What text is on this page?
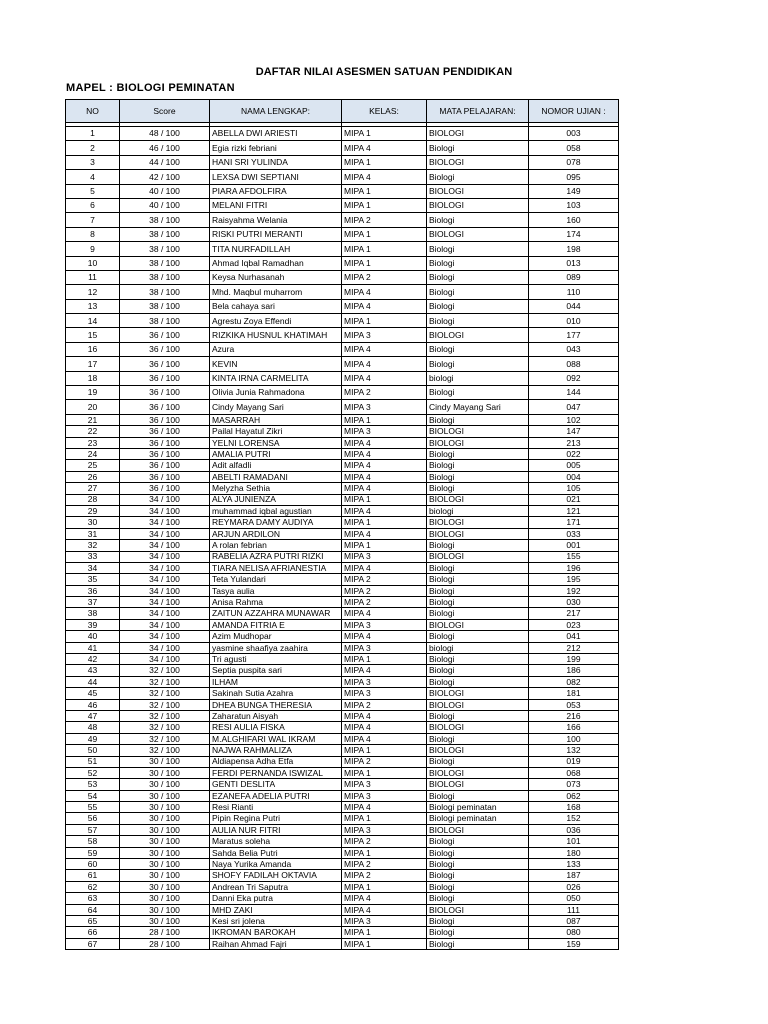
DAFTAR NILAI ASESMEN SATUAN PENDIDIKAN
MAPEL : BIOLOGI PEMINATAN
NO	Score	NAMA LENGKAP:	KELAS:	MATA PELAJARAN:	NOMOR UJIAN :

1	48 / 100	ABELLA DWI ARIESTI	MIPA 1	BIOLOGI	003
2	46 / 100	Egia rizki febriani	MIPA 4	Biologi	058
3	44 / 100	HANI SRI YULINDA	MIPA 1	BIOLOGI	078
4	42 / 100	LEXSA DWI SEPTIANI	MIPA 4	Biologi	095
5	40 / 100	PIARA AFDOLFIRA	MIPA 1	BIOLOGI	149
6	40 / 100	MELANI FITRI	MIPA 1	BIOLOGI	103
7	38 / 100	Raisyahma Welania	MIPA 2	Biologi	160
8	38 / 100	RISKI PUTRI MERANTI	MIPA 1	BIOLOGI	174
9	38 / 100	TITA NURFADILLAH	MIPA 1	Biologi	198
10	38 / 100	Ahmad Iqbal Ramadhan	MIPA 1	Biologi	013
11	38 / 100	Keysa Nurhasanah	MIPA 2	Biologi	089
12	38 / 100	Mhd. Maqbul muharrom	MIPA 4	Biologi	110
13	38 / 100	Bela cahaya sari	MIPA 4	Biologi	044
14	38 / 100	Agrestu Zoya Effendi	MIPA 1	Biologi	010
15	36 / 100	RIZKIKA HUSNUL KHATIMAH	MIPA 3	BIOLOGI	177
16	36 / 100	Azura	MIPA 4	Biologi	043
17	36 / 100	KEVIN	MIPA 4	Biologi	088
18	36 / 100	KINTA IRNA CARMELITA	MIPA 4	biologi	092
19	36 / 100	Olivia Junia Rahmadona	MIPA 2	Biologi	144
20	36 / 100	Cindy Mayang Sari	MIPA 3	Cindy Mayang Sari	047
21	36 / 100	MASARRAH	MIPA 1	Biologi	102
22	36 / 100	Pailal Hayatul Zikri	MIPA 3	BIOLOGI	147
23	36 / 100	YELNI LORENSA	MIPA 4	BIOLOGI	213
24	36 / 100	AMALIA PUTRI	MIPA 4	Biologi	022
25	36 / 100	Adit alfadli	MIPA 4	Biologi	005
26	36 / 100	ABELTI RAMADANI	MIPA 4	Biologi	004
27	36 / 100	Melyzha Sethia	MIPA 4	Biologi	105
28	34 / 100	ALYA JUNIENZA	MIPA 1	BIOLOGI	021
29	34 / 100	muhammad iqbal agustian	MIPA 4	biologi	121
30	34 / 100	REYMARA DAMY AUDIYA	MIPA 1	BIOLOGI	171
31	34 / 100	ARJUN ARDILON	MIPA 4	BIOLOGI	033
32	34 / 100	A rolan febrian	MIPA 1	Biologi	001
33	34 / 100	RABELIA AZRA PUTRI RIZKI	MIPA 3	BIOLOGI	155
34	34 / 100	TIARA NELISA AFRIANESTIA	MIPA 4	Biologi	196
35	34 / 100	Teta Yulandari	MIPA 2	Biologi	195
36	34 / 100	Tasya aulia	MIPA 2	Biologi	192
37	34 / 100	Anisa Rahma	MIPA 2	Biologi	030
38	34 / 100	ZAITUN AZZAHRA MUNAWAR	MIPA 4	Biologi	217
39	34 / 100	AMANDA FITRIA E	MIPA 3	BIOLOGI	023
40	34 / 100	Azim Mudhopar	MIPA 4	Biologi	041
41	34 / 100	yasmine shaafiya zaahira	MIPA 3	biologi	212
42	34 / 100	Tri agusti	MIPA 1	Biologi	199
43	32 / 100	Septia puspita sari	MIPA 4	Biologi	186
44	32 / 100	ILHAM	MIPA 3	Biologi	082
45	32 / 100	Sakinah Sutia Azahra	MIPA 3	BIOLOGI	181
46	32 / 100	DHEA BUNGA THERESIA	MIPA 2	BIOLOGI	053
47	32 / 100	Zaharatun Aisyah	MIPA 4	Biologi	216
48	32 / 100	RESI AULIA FISKA	MIPA 4	BIOLOGI	166
49	32 / 100	M.ALGHIFARI WAL IKRAM	MIPA 4	Biologi	100
50	32 / 100	NAJWA RAHMALIZA	MIPA 1	BIOLOGI	132
51	30 / 100	Aldiapensa Adha Etfa	MIPA 2	Biologi	019
52	30 / 100	FERDI PERNANDA ISWIZAL	MIPA 1	BIOLOGI	068
53	30 / 100	GENTI DESLITA	MIPA 3	BIOLOGI	073
54	30 / 100	EZANEFA ADELIA PUTRI	MIPA 3	Biologi	062
55	30 / 100	Resi Rianti	MIPA 4	Biologi peminatan	168
56	30 / 100	Pipin Regina Putri	MIPA 1	Biologi peminatan	152
57	30 / 100	AULIA NUR FITRI	MIPA 3	BIOLOGI	036
58	30 / 100	Maratus soleha	MIPA 2	Biologi	101
59	30 / 100	Sahda Belia Putri	MIPA 1	Biologi	180
60	30 / 100	Naya Yurika Amanda	MIPA 2	Biologi	133
61	30 / 100	SHOFY FADILAH OKTAVIA	MIPA 2	Biologi	187
62	30 / 100	Andrean Tri Saputra	MIPA 1	Biologi	026
63	30 / 100	Danni Eka putra	MIPA 4	Biologi	050
64	30 / 100	MHD ZAKI	MIPA 4	BIOLOGI	111
65	30 / 100	Kesi sri jolena	MIPA 3	Biologi	087
66	28 / 100	IKROMAN BAROKAH	MIPA 1	Biologi	080
67	28 / 100	Raihan Ahmad Fajri	MIPA 1	Biologi	159
